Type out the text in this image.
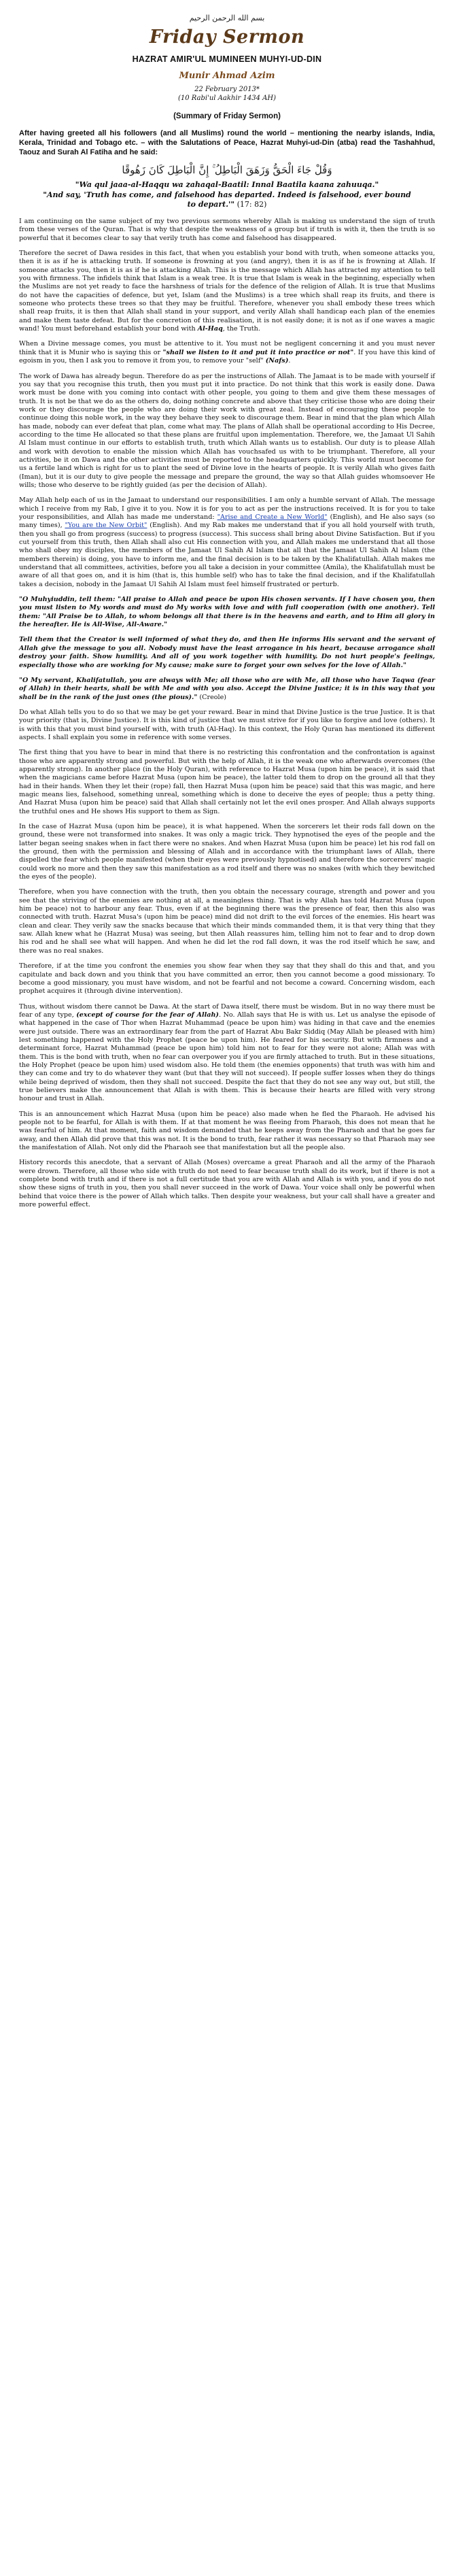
بسم الله الرحمن الرحيم
Friday Sermon
HAZRAT AMIR'UL MUMINEEN MUHYI-UD-DIN
Munir Ahmad Azim
22 February 2013*
(10 Rabi'ul Aakhir 1434 AH)
(Summary of Friday Sermon)

After having greeted all his followers (and all Muslims) round the world – mentioning the nearby islands, India, Kerala, Trinidad and Tobago etc. – with the Salutations of Peace, Hazrat Muhyi-ud-Din (atba) read the Tashahhud, Taouz and Surah Al Fatiha and he said:

وَقُلْ جَاءَ الْحَقُّ وَزَهَقَ الْبَاطِلُ ۚ إِنَّ الْبَاطِلَ كَانَ زَهُوقًا
"Wa qul jaaa-al-Haqqu wa zahaqal-Baatil: Innal Baatila kaana zahuuqa."
"And say, 'Truth has come, and falsehood has departed. Indeed is falsehood, ever bound to depart.'" (17: 82)

I am continuing on the same subject of my two previous sermons whereby Allah is making us understand the sign of truth from these verses of the Quran. That is why that despite the weakness of a group but if truth is with it, then the truth is so powerful that it becomes clear to say that verily truth has come and falsehood has disappeared.

Therefore the secret of Dawa resides in this fact, that when you establish your bond with truth, when someone attacks you, then it is as if he is attacking truth. If someone is frowning at you (and angry), then it is as if he is frowning at Allah. If someone attacks you, then it is as if he is attacking Allah. This is the message which Allah has attracted my attention to tell you with firmness. The infidels think that Islam is a weak tree. It is true that Islam is weak in the beginning, especially when the Muslims are not yet ready to face the harshness of trials for the defence of the religion of Allah. It is true that Muslims do not have the capacities of defence, but yet, Islam (and the Muslims) is a tree which shall reap its fruits, and there is someone who protects these trees so that they may be fruitful. Therefore, whenever you shall embody these trees which shall reap fruits, it is then that Allah shall stand in your support, and verily Allah shall handicap each plan of the enemies and make them taste defeat. But for the concretion of this realisation, it is not easily done; it is not as if one waves a magic wand! You must beforehand establish your bond with Al-Haq, the Truth.

When a Divine message comes, you must be attentive to it. You must not be negligent concerning it and you must never think that it is Munir who is saying this or "shall we listen to it and put it into practice or not". If you have this kind of egoism in you, then I ask you to remove it from you, to remove your "self" (Nafs).

The work of Dawa has already begun. Therefore do as per the instructions of Allah. The Jamaat is to be made with yourself if you say that you recognise this truth, then you must put it into practice. Do not think that this work is easily done. Dawa work must be done with you coming into contact with other people, you going to them and give them these messages of truth. It is not be that we do as the others do, doing nothing concrete and above that they criticise those who are doing their work or they discourage the people who are doing their work with great zeal. Instead of encouraging these people to continue doing this noble work, in the way they behave they seek to discourage them. Bear in mind that the plan which Allah has made, nobody can ever defeat that plan, come what may. The plans of Allah shall be operational according to His Decree, according to the time He allocated so that these plans are fruitful upon implementation. Therefore, we, the Jamaat Ul Sahih Al Islam must continue in our efforts to establish truth, truth which Allah wants us to establish. Our duty is to please Allah and work with devotion to enable the mission which Allah has vouchsafed us with to be triumphant. Therefore, all your activities, be it on Dawa and the other activities must be reported to the headquarters quickly. This world must become for us a fertile land which is right for us to plant the seed of Divine love in the hearts of people. It is verily Allah who gives faith (Iman), but it is our duty to give people the message and prepare the ground, the way so that Allah guides whomsoever He wills; those who deserve to be rightly guided (as per the decision of Allah).

May Allah help each of us in the Jamaat to understand our responsibilities. I am only a humble servant of Allah. The message which I receive from my Rab, I give it to you. Now it is for you to act as per the instructions received. It is for you to take your responsibilities, and Allah has made me understand: "Arise and Create a New World" (English), and He also says (so many times), "You are the New Orbit" (English). And my Rab makes me understand that if you all hold yourself with truth, then you shall go from progress (success) to progress (success). This success shall bring about Divine Satisfaction. But if you cut yourself from this truth, then Allah shall also cut His connection with you, and Allah makes me understand that all those who shall obey my disciples, the members of the Jamaat Ul Sahih Al Islam that all that the Jamaat Ul Sahih Al Islam (the members therein) is doing, you have to inform me, and the final decision is to be taken by the Khalifatullah. Allah makes me understand that all committees, activities, before you all take a decision in your committee (Amila), the Khalifatullah must be aware of all that goes on, and it is him (that is, this humble self) who has to take the final decision, and if the Khalifatullah takes a decision, nobody in the Jamaat Ul Sahih Al Islam must feel himself frustrated or perturb.

"O Muhyiuddin, tell them: "All praise to Allah and peace be upon His chosen servants. If I have chosen you, then you must listen to My words and must do My works with love and with full cooperation (with one another). Tell them: "All Praise be to Allah, to whom belongs all that there is in the heavens and earth, and to Him all glory in the hereafter. He is All-Wise, All-Aware."

Tell them that the Creator is well informed of what they do, and then He informs His servant and the servant of Allah give the message to you all. Nobody must have the least arrogance in his heart, because arrogance shall destroy your faith. Show humility. And all of you work together with humility. Do not hurt people's feelings, especially those who are working for My cause; make sure to forget your own selves for the love of Allah."

"O My servant, Khalifatullah, you are always with Me; all those who are with Me, all those who have Taqwa (fear of Allah) in their hearts, shall be with Me and with you also. Accept the Divine Justice; it is in this way that you shall be in the rank of the just ones (the pious)." (Creole)

Do what Allah tells you to do so that we may be get your reward. Bear in mind that Divine Justice is the true Justice. It is that your priority (that is, Divine Justice). It is this kind of justice that we must strive for if you like to forgive and love (others). It is with this that you must bind yourself with, with truth (Al-Haq). In this context, the Holy Quran has mentioned its different aspects. I shall explain you some in reference with some verses.

The first thing that you have to bear in mind that there is no restricting this confrontation and the confrontation is against those who are apparently strong and powerful. But with the help of Allah, it is the weak one who afterwards overcomes (the apparently strong). In another place (in the Holy Quran), with reference to Hazrat Musa (upon him be peace), it is said that when the magicians came before Hazrat Musa (upon him be peace), the latter told them to drop on the ground all that they had in their hands. When they let their (rope) fall, then Hazrat Musa (upon him be peace) said that this was magic, and here magic means lies, falsehood, something unreal, something which is done to deceive the eyes of people; thus a petty thing. And Hazrat Musa (upon him be peace) said that Allah shall certainly not let the evil ones prosper. And Allah always supports the truthful ones and He shows His support to them as Sign.

In the case of Hazrat Musa (upon him be peace), it is what happened. When the sorcerers let their rods fall down on the ground, these were not transformed into snakes. It was only a magic trick. They hypnotised the eyes of the people and the latter began seeing snakes when in fact there were no snakes. And when Hazrat Musa (upon him be peace) let his rod fall on the ground, then with the permission and blessing of Allah and in accordance with the triumphant laws of Allah, there dispelled the fear which people manifested (when their eyes were previously hypnotised) and therefore the sorcerers' magic could work no more and then they saw this manifestation as a rod itself and there was no snakes (with which they bewitched the eyes of the people).

Therefore, when you have connection with the truth, then you obtain the necessary courage, strength and power and you see that the striving of the enemies are nothing at all, a meaningless thing. That is why Allah has told Hazrat Musa (upon him be peace) not to harbour any fear. Thus, even if at the beginning there was the presence of fear, then this also was connected with truth. Hazrat Musa's (upon him be peace) mind did not drift to the evil forces of the enemies. His heart was clean and clear. They verily saw the snacks because that which their minds commanded them, it is that very thing that they saw. Allah knew what he (Hazrat Musa) was seeing, but then Allah reassures him, telling him not to fear and to drop down his rod and he shall see what will happen. And when he did let the rod fall down, it was the rod itself which he saw, and there was no real snakes.

Therefore, if at the time you confront the enemies you show fear when they say that they shall do this and that, and you capitulate and back down and you think that you have committed an error, then you cannot become a good missionary. To become a good missionary, you must have wisdom, and not be fearful and not become a coward. Concerning wisdom, each prophet acquires it (through divine intervention).

Thus, without wisdom there cannot be Dawa. At the start of Dawa itself, there must be wisdom. But in no way there must be fear of any type, (except of course for the fear of Allah). No. Allah says that He is with us. Let us analyse the episode of what happened in the case of Thor when Hazrat Muhammad (peace be upon him) was hiding in that cave and the enemies were just outside. There was an extraordinary fear from the part of Hazrat Abu Bakr Siddiq (May Allah be pleased with him) lest something happened with the Holy Prophet (peace be upon him). He feared for his security. But with firmness and a determinant force, Hazrat Muhammad (peace be upon him) told him not to fear for they were not alone; Allah was with them. This is the bond with truth, when no fear can overpower you if you are firmly attached to truth. But in these situations, the Holy Prophet (peace be upon him) used wisdom also. He told them (the enemies opponents) that truth was with him and they can come and try to do whatever they want (but that they will not succeed). If people suffer losses when they do things while being deprived of wisdom, then they shall not succeed. Despite the fact that they do not see any way out, but still, the true believers make the announcement that Allah is with them. This is because their hearts are filled with very strong honour and trust in Allah.

This is an announcement which Hazrat Musa (upon him be peace) also made when he fled the Pharaoh. He advised his people not to be fearful, for Allah is with them. If at that moment he was fleeing from Pharaoh, this does not mean that he was fearful of him. At that moment, faith and wisdom demanded that he keeps away from the Pharaoh and that he goes far away, and then Allah did prove that this was not. It is the bond to truth, fear rather it was necessary so that Pharaoh may see the manifestation of Allah. Not only did the Pharaoh see that manifestation but all the people also.

History records this anecdote, that a servant of Allah (Moses) overcame a great Pharaoh and all the army of the Pharaoh were drown. Therefore, all those who side with truth do not need to fear because truth shall do its work, but if there is not a complete bond with truth and if there is not a full certitude that you are with Allah and Allah is with you, and if you do not show these signs of truth in you, then you shall never succeed in the work of Dawa. Your voice shall only be powerful when behind that voice there is the power of Allah which talks. Then despite your weakness, but your call shall have a greater and more powerful effect.
